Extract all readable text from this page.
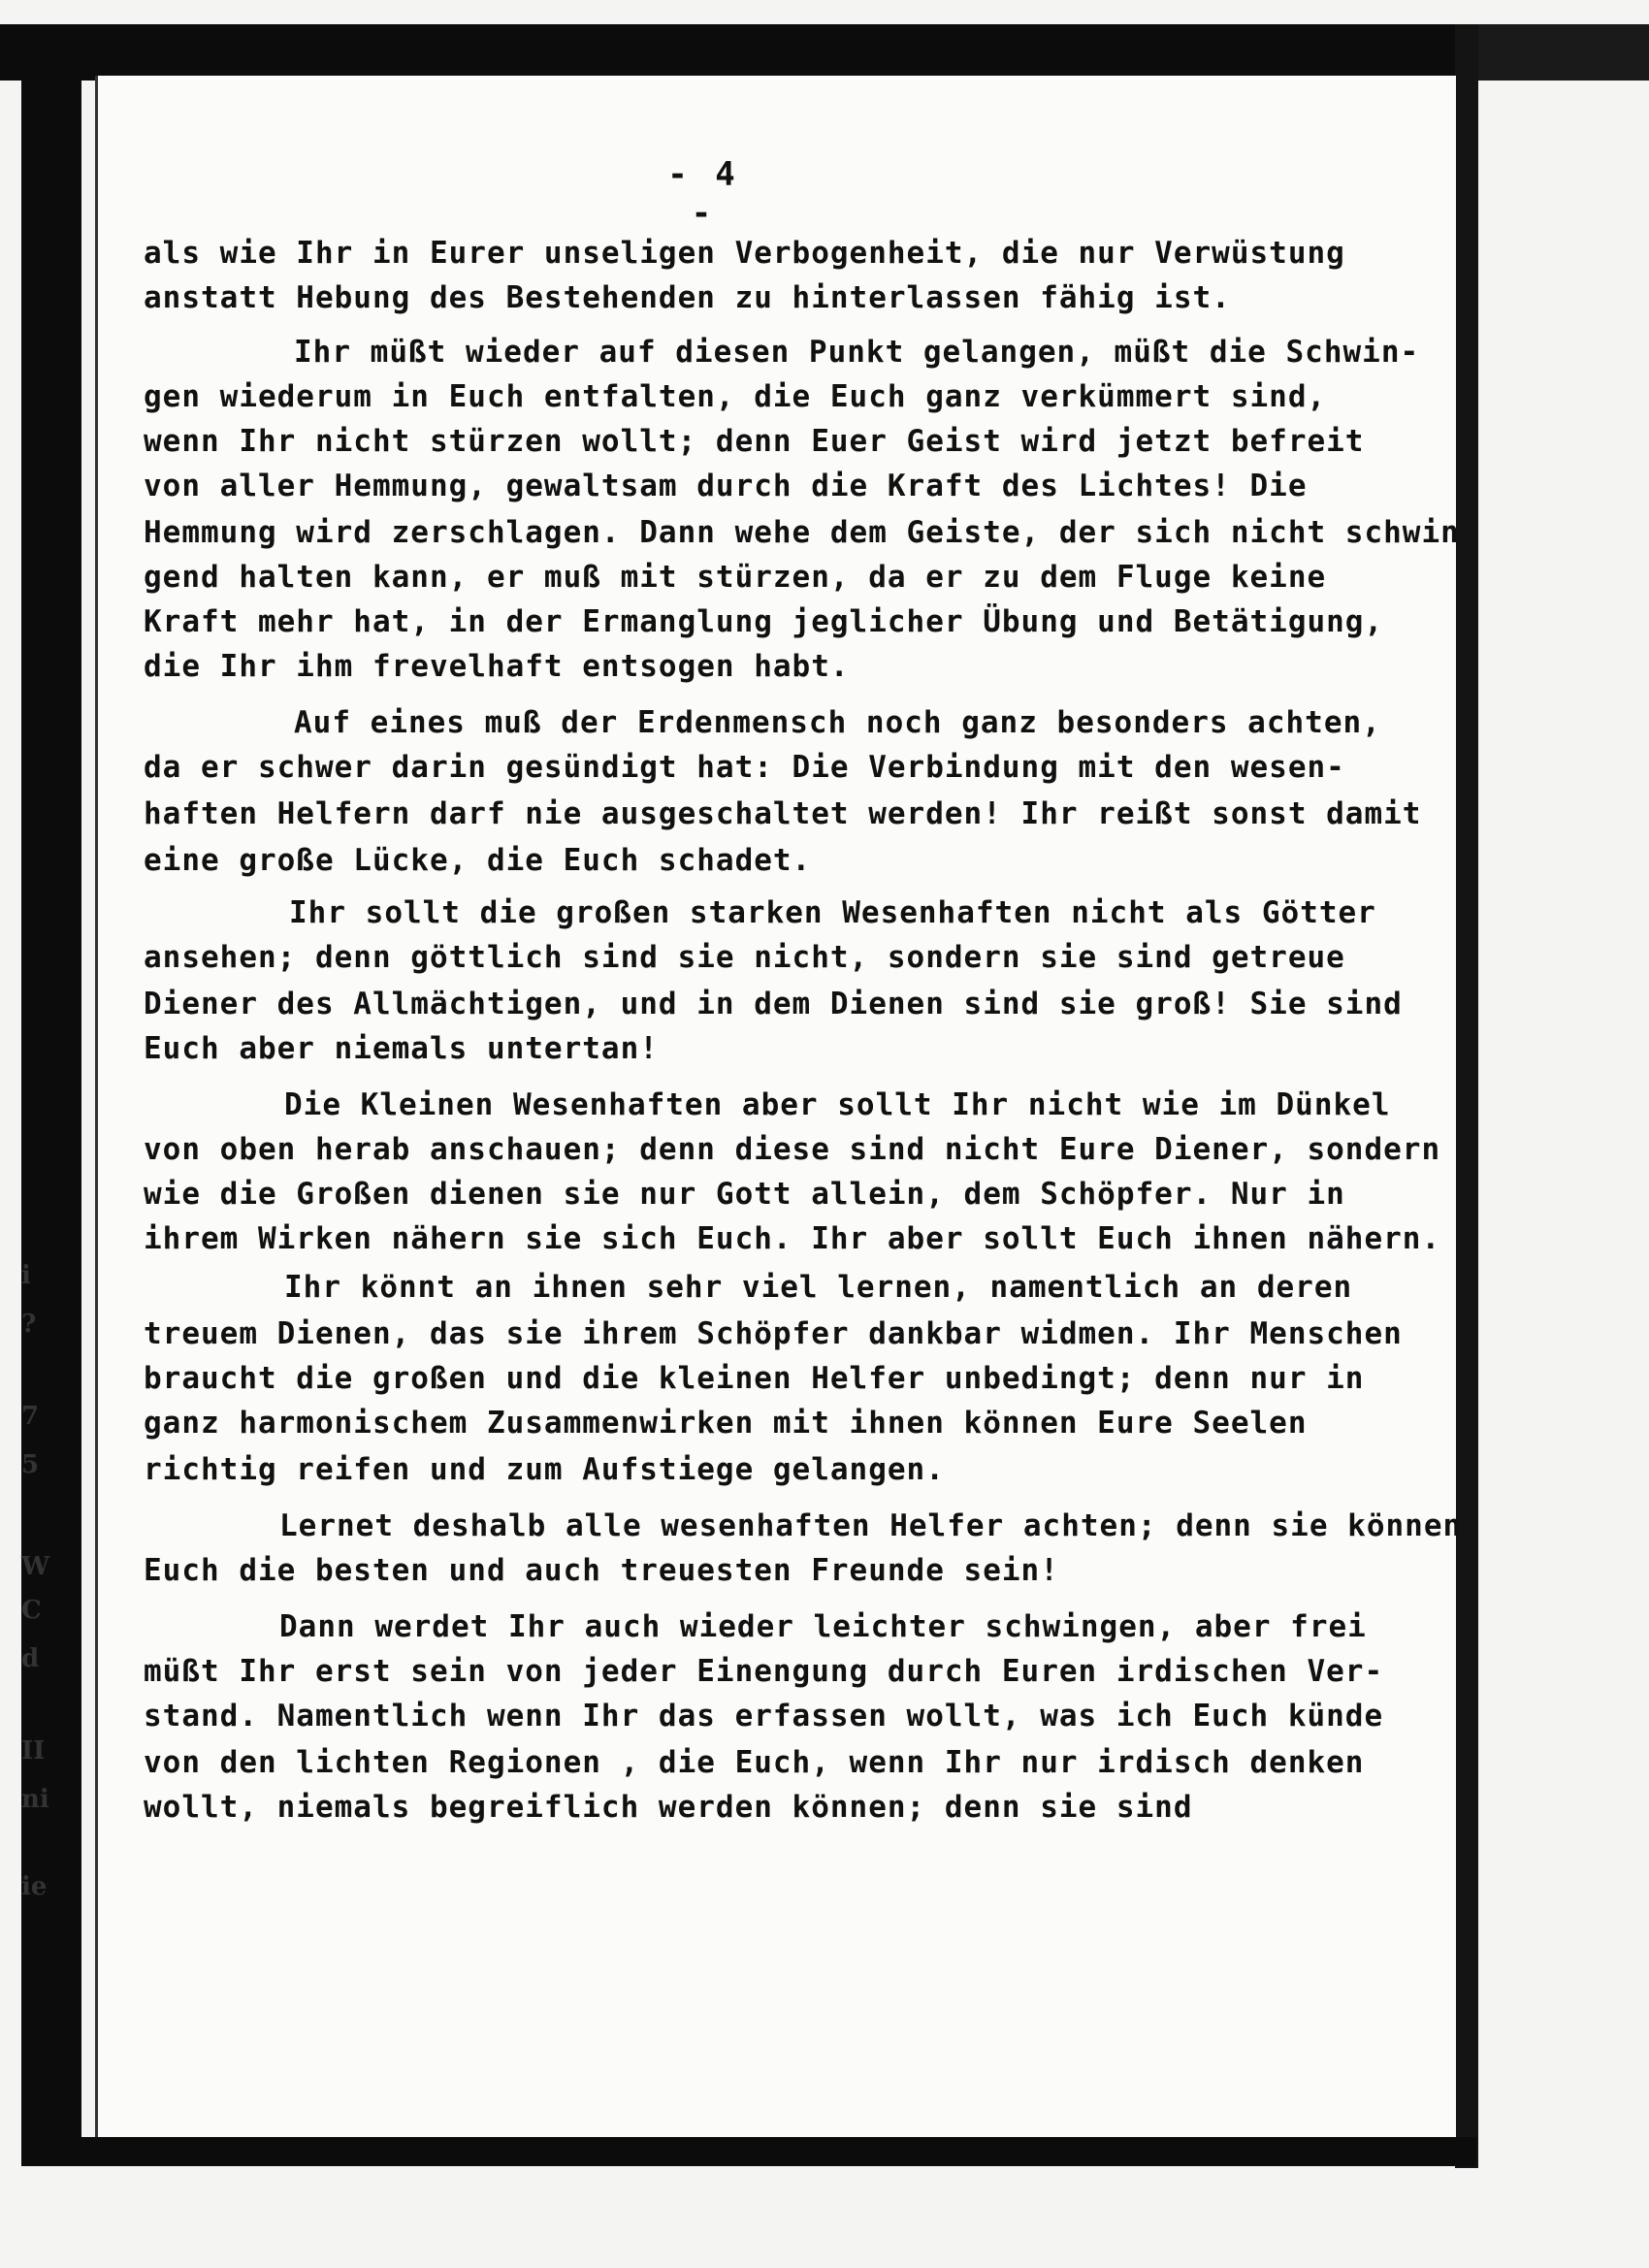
i
?
7
5
W
C
d
II
ni
ie
- 4 -
als wie Ihr in Eurer unseligen Verbogenheit, die nur Verwüstung
anstatt Hebung des Bestehenden zu hinterlassen fähig ist.
Ihr müßt wieder auf diesen Punkt gelangen, müßt die Schwin-
gen wiederum in Euch entfalten, die Euch ganz verkümmert sind,
wenn Ihr nicht stürzen wollt; denn Euer Geist wird jetzt befreit
von aller Hemmung, gewaltsam durch die Kraft des Lichtes! Die
Hemmung wird zerschlagen. Dann wehe dem Geiste, der sich nicht schwin
gend halten kann, er muß mit stürzen, da er zu dem Fluge keine
Kraft mehr hat, in der Ermanglung jeglicher Übung und Betätigung,
die Ihr ihm frevelhaft entsogen habt.
Auf eines muß der Erdenmensch noch ganz besonders achten,
da er schwer darin gesündigt hat: Die Verbindung mit den wesen-
haften Helfern darf nie ausgeschaltet werden! Ihr reißt sonst damit
eine große Lücke, die Euch schadet.
Ihr sollt die großen starken Wesenhaften nicht als Götter
ansehen; denn göttlich sind sie nicht, sondern sie sind getreue
Diener des Allmächtigen, und in dem Dienen sind sie groß! Sie sind
Euch aber niemals untertan!
Die Kleinen Wesenhaften aber sollt Ihr nicht wie im Dünkel
von oben herab anschauen; denn diese sind nicht Eure Diener, sondern
wie die Großen dienen sie nur Gott allein, dem Schöpfer. Nur in
ihrem Wirken nähern sie sich Euch. Ihr aber sollt Euch ihnen nähern.
Ihr könnt an ihnen sehr viel lernen, namentlich an deren
treuem Dienen, das sie ihrem Schöpfer dankbar widmen. Ihr Menschen
braucht die großen und die kleinen Helfer unbedingt; denn nur in
ganz harmonischem Zusammenwirken mit ihnen können Eure Seelen
richtig reifen und zum Aufstiege gelangen.
Lernet deshalb alle wesenhaften Helfer achten; denn sie können
Euch die besten und auch treuesten Freunde sein!
Dann werdet Ihr auch wieder leichter schwingen, aber frei
müßt Ihr erst sein von jeder Einengung durch Euren irdischen Ver-
stand. Namentlich wenn Ihr das erfassen wollt, was ich Euch künde
von den lichten Regionen , die Euch, wenn Ihr nur irdisch denken
wollt, niemals begreiflich werden können; denn sie sind
